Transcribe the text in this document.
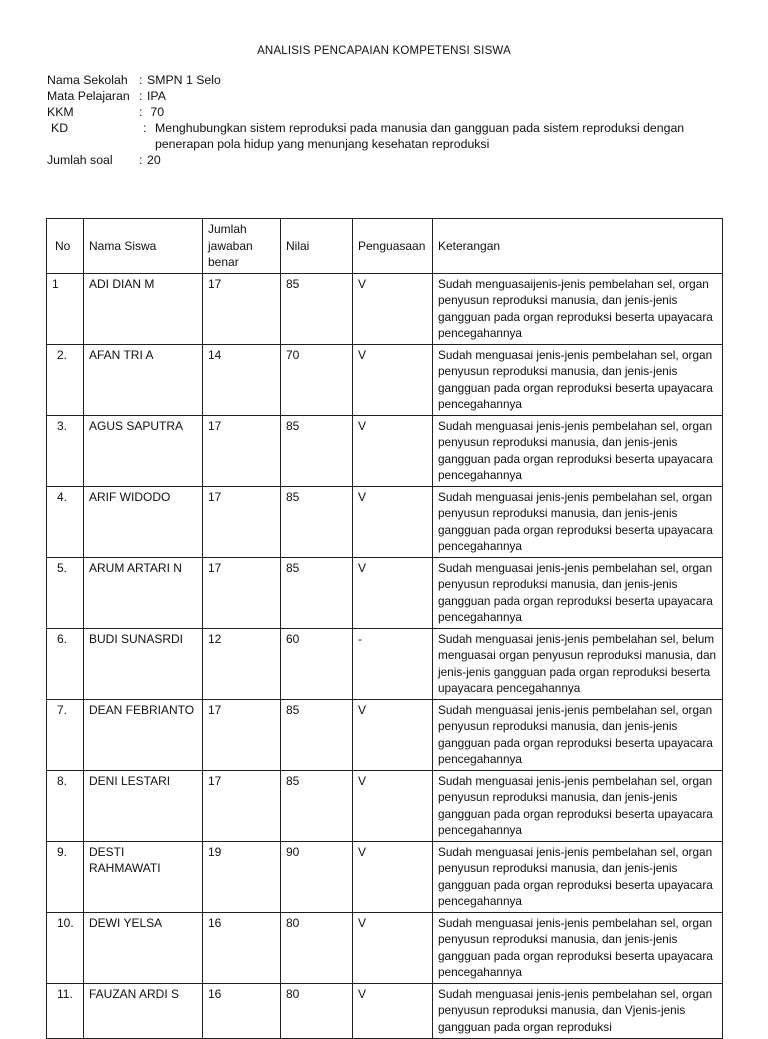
ANALISIS PENCAPAIAN KOMPETENSI SISWA
Nama Sekolah : SMPN 1 Selo
Mata Pelajaran : IPA
KKM	: 70
KD	: Menghubungkan sistem reproduksi pada manusia dan gangguan pada sistem reproduksi dengan penerapan pola hidup yang menunjang kesehatan reproduksi
Jumlah soal	: 20
No	Nama Siswa	Jumlah jawaban benar	Nilai	Penguasaan	Keterangan
1	ADI DIAN M	17	85	V	Sudah menguasaijenis-jenis pembelahan sel, organ penyusun reproduksi manusia, dan jenis-jenis gangguan pada organ reproduksi beserta upayacara pencegahannya
2.	AFAN TRI A	14	70	V	Sudah menguasai jenis-jenis pembelahan sel, organ penyusun reproduksi manusia, dan jenis-jenis gangguan pada organ reproduksi beserta upayacara pencegahannya
3.	AGUS SAPUTRA	17	85	V	Sudah menguasai jenis-jenis pembelahan sel, organ penyusun reproduksi manusia, dan jenis-jenis gangguan pada organ reproduksi beserta upayacara pencegahannya
4.	ARIF WIDODO	17	85	V	Sudah menguasai jenis-jenis pembelahan sel, organ penyusun reproduksi manusia, dan jenis-jenis gangguan pada organ reproduksi beserta upayacara pencegahannya
5.	ARUM ARTARI N	17	85	V	Sudah menguasai jenis-jenis pembelahan sel, organ penyusun reproduksi manusia, dan jenis-jenis gangguan pada organ reproduksi beserta upayacara pencegahannya
6.	BUDI SUNASRDI	12	60	-	Sudah menguasai jenis-jenis pembelahan sel, belum menguasai organ penyusun reproduksi manusia, dan jenis-jenis gangguan pada organ reproduksi beserta upayacara pencegahannya
7.	DEAN FEBRIANTO	17	85	V	Sudah menguasai jenis-jenis pembelahan sel, organ penyusun reproduksi manusia, dan jenis-jenis gangguan pada organ reproduksi beserta upayacara pencegahannya
8.	DENI LESTARI	17	85	V	Sudah menguasai jenis-jenis pembelahan sel, organ penyusun reproduksi manusia, dan jenis-jenis gangguan pada organ reproduksi beserta upayacara pencegahannya
9.	DESTI RAHMAWATI	19	90	V	Sudah menguasai jenis-jenis pembelahan sel, organ penyusun reproduksi manusia, dan jenis-jenis gangguan pada organ reproduksi beserta upayacara pencegahannya
10.	DEWI YELSA	16	80	V	Sudah menguasai jenis-jenis pembelahan sel, organ penyusun reproduksi manusia, dan jenis-jenis gangguan pada organ reproduksi beserta upayacara pencegahannya
11.	FAUZAN ARDI S	16	80	V	Sudah menguasai jenis-jenis pembelahan sel, organ penyusun reproduksi manusia, dan Vjenis-jenis gangguan pada organ reproduksi
